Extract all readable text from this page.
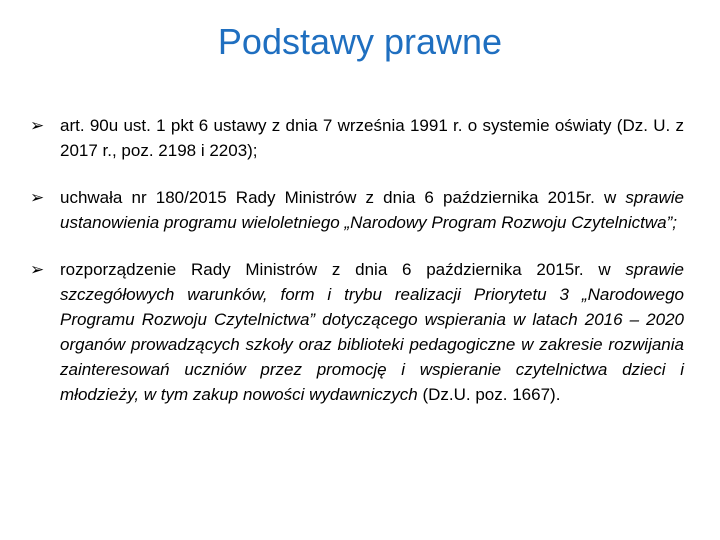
Podstawy prawne
➢ art. 90u ust. 1 pkt 6 ustawy z dnia 7 września 1991 r. o systemie oświaty (Dz. U. z 2017 r., poz. 2198 i 2203);
➢ uchwała nr 180/2015 Rady Ministrów z dnia 6 października 2015r. w sprawie ustanowienia programu wieloletniego „Narodowy Program Rozwoju Czytelnictwa”;
➢ rozporządzenie Rady Ministrów z dnia 6 października 2015r. w sprawie szczegółowych warunków, form i trybu realizacji Priorytetu 3 „Narodowego Programu Rozwoju Czytelnictwa” dotyczącego wspierania w latach 2016 – 2020 organów prowadzących szkoły oraz biblioteki pedagogiczne w zakresie rozwijania zainteresowań uczniów przez promocję i wspieranie czytelnictwa dzieci i młodzieży, w tym zakup nowości wydawniczych (Dz.U. poz. 1667).
